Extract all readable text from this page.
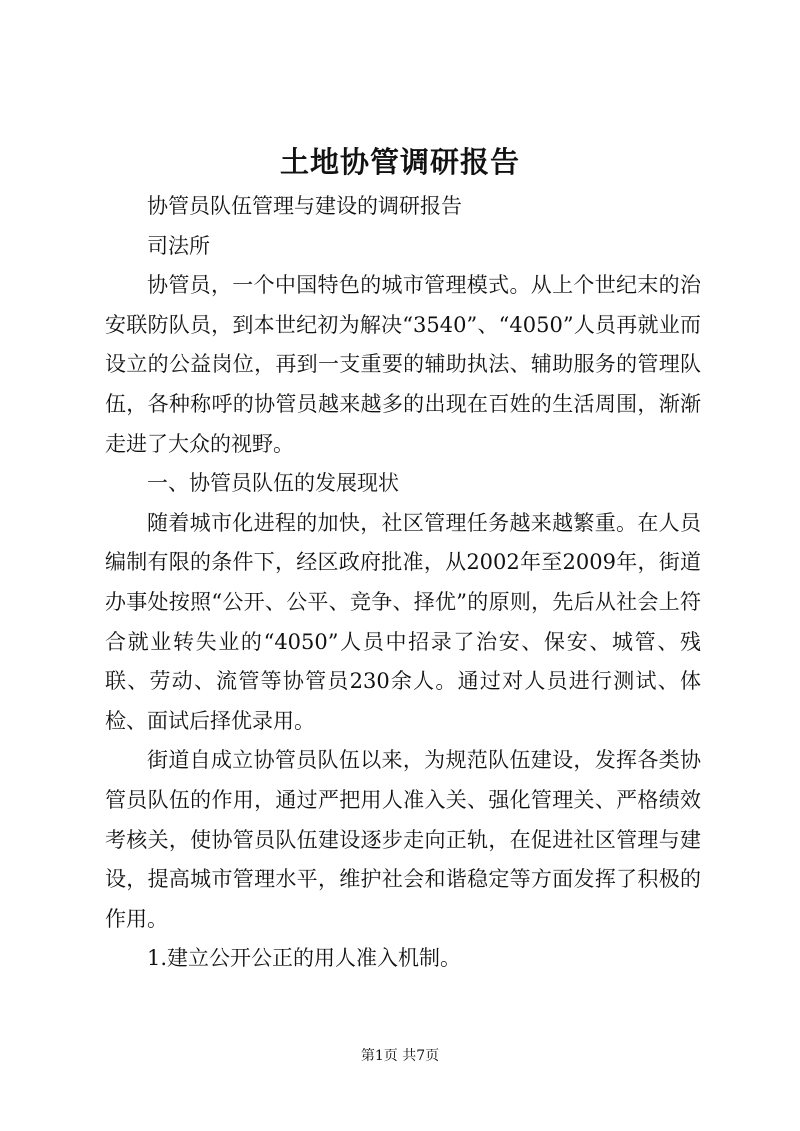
土地协管调研报告

协管员队伍管理与建设的调研报告

司法所

协管员，一个中国特色的城市管理模式。从上个世纪末的治安联防队员，到本世纪初为解决“3540”、“4050”人员再就业而设立的公益岗位，再到一支重要的辅助执法、辅助服务的管理队伍，各种称呼的协管员越来越多的出现在百姓的生活周围，渐渐走进了大众的视野。

一、协管员队伍的发展现状

随着城市化进程的加快，社区管理任务越来越繁重。在人员编制有限的条件下，经区政府批准，从2002年至2009年，街道办事处按照“公开、公平、竞争、择优”的原则，先后从社会上符合就业转失业的“4050”人员中招录了治安、保安、城管、残联、劳动、流管等协管员230余人。通过对人员进行测试、体检、面试后择优录用。

街道自成立协管员队伍以来，为规范队伍建设，发挥各类协管员队伍的作用，通过严把用人准入关、强化管理关、严格绩效考核关，使协管员队伍建设逐步走向正轨，在促进社区管理与建设，提高城市管理水平，维护社会和谐稳定等方面发挥了积极的作用。

1.建立公开公正的用人准入机制。

第1页 共7页
